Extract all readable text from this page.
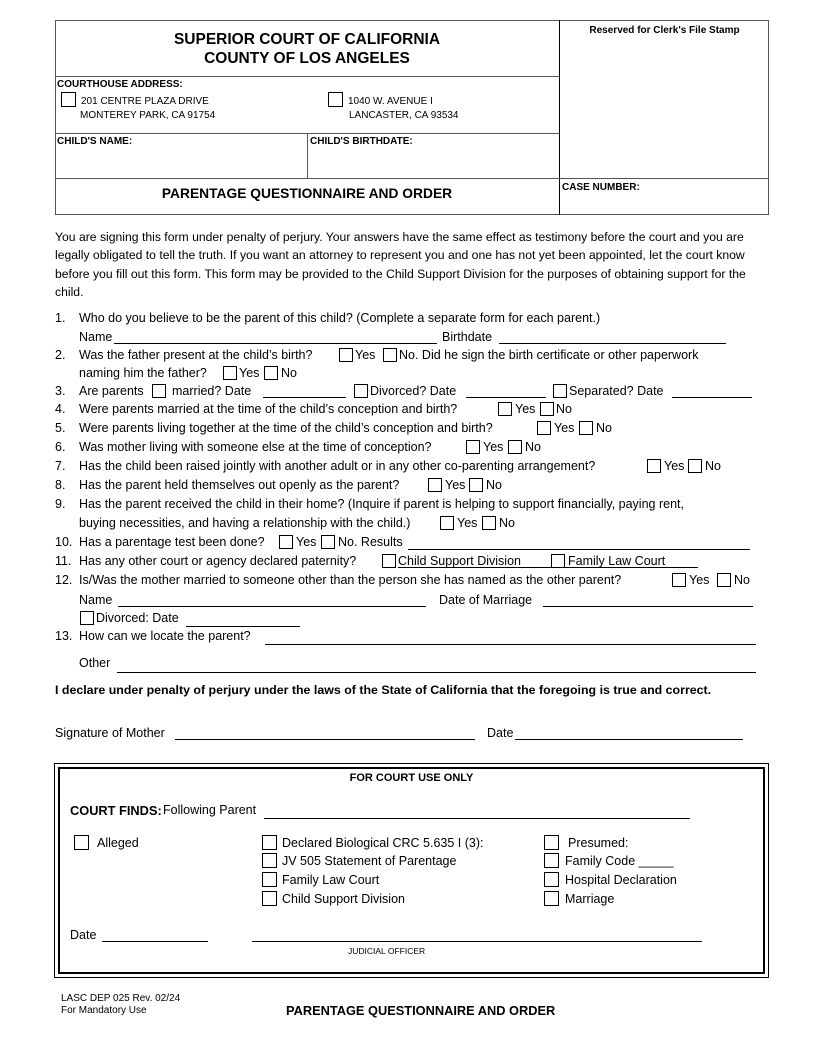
SUPERIOR COURT OF CALIFORNIA
COUNTY OF LOS ANGELES
Reserved for Clerk's File Stamp
COURTHOUSE ADDRESS:
201 CENTRE PLAZA DRIVE
MONTEREY PARK, CA 91754
1040 W. AVENUE I
LANCASTER, CA 93534
CHILD'S NAME:	CHILD'S BIRTHDATE:
PARENTAGE QUESTIONNAIRE AND ORDER	CASE NUMBER:
You are signing this form under penalty of perjury. Your answers have the same effect as testimony before the court and you are legally obligated to tell the truth. If you want an attorney to represent you and one has not yet been appointed, let the court know before you fill out this form. This form may be provided to the Child Support Division for the purposes of obtaining support for the child.
1. Who do you believe to be the parent of this child? (Complete a separate form for each parent.)
Name	Birthdate
2. Was the father present at the child’s birth?	Yes No. Did he sign the birth certificate or other paperwork
naming him the father?	Yes No
3. Are parents married? Date	Divorced? Date	Separated? Date
4. Were parents married at the time of the child’s conception and birth?	Yes No
5. Were parents living together at the time of the child’s conception and birth?	Yes No
6. Was mother living with someone else at the time of conception?	Yes No
7. Has the child been raised jointly with another adult or in any other co-parenting arrangement?	Yes No
8. Has the parent held themselves out openly as the parent?	Yes No
9. Has the parent received the child in their home? (Inquire if parent is helping to support financially, paying rent,
buying necessities, and having a relationship with the child.)	Yes No
10. Has a parentage test been done?	Yes No. Results
11. Has any other court or agency declared paternity?	Child Support Division	Family Law Court
12. Is/Was the mother married to someone other than the person she has named as the other parent?	Yes No
Name	Date of Marriage
Divorced: Date
13. How can we locate the parent?
Other
I declare under penalty of perjury under the laws of the State of California that the foregoing is true and correct.
Signature of Mother	Date
FOR COURT USE ONLY
COURT FINDS: Following Parent
Alleged	Declared Biological CRC 5.635 I (3):
JV 505 Statement of Parentage
Family Law Court
Child Support Division
Presumed:
Family Code _____
Hospital Declaration
Marriage
Date
JUDICIAL OFFICER
LASC DEP 025 Rev. 02/24
For Mandatory Use	PARENTAGE QUESTIONNAIRE AND ORDER
